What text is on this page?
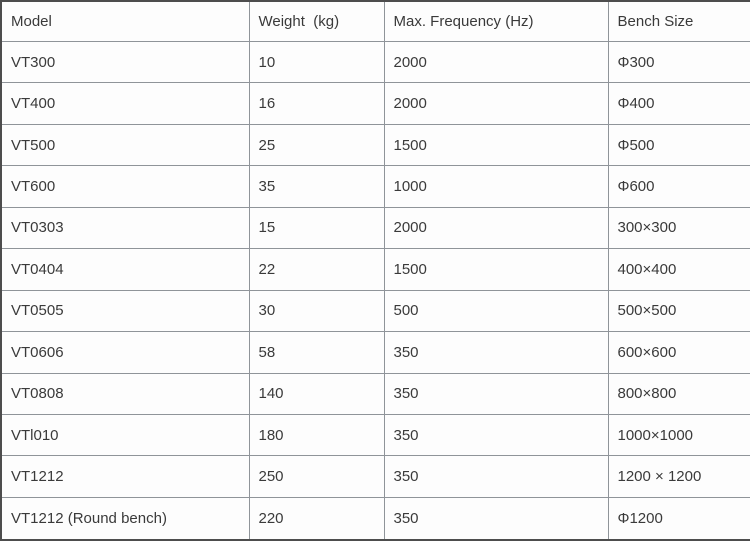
Model	Weight  (kg)	Max. Frequency (Hz)	Bench Size
VT300	10	2000	Φ300
VT400	16	2000	Φ400
VT500	25	1500	Φ500
VT600	35	1000	Φ600
VT0303	15	2000	300×300
VT0404	22	1500	400×400
VT0505	30	500	500×500
VT0606	58	350	600×600
VT0808	140	350	800×800
VTl010	180	350	1000×1000
VT1212	250	350	1200 × 1200
VT1212 (Round bench)	220	350	Φ1200
